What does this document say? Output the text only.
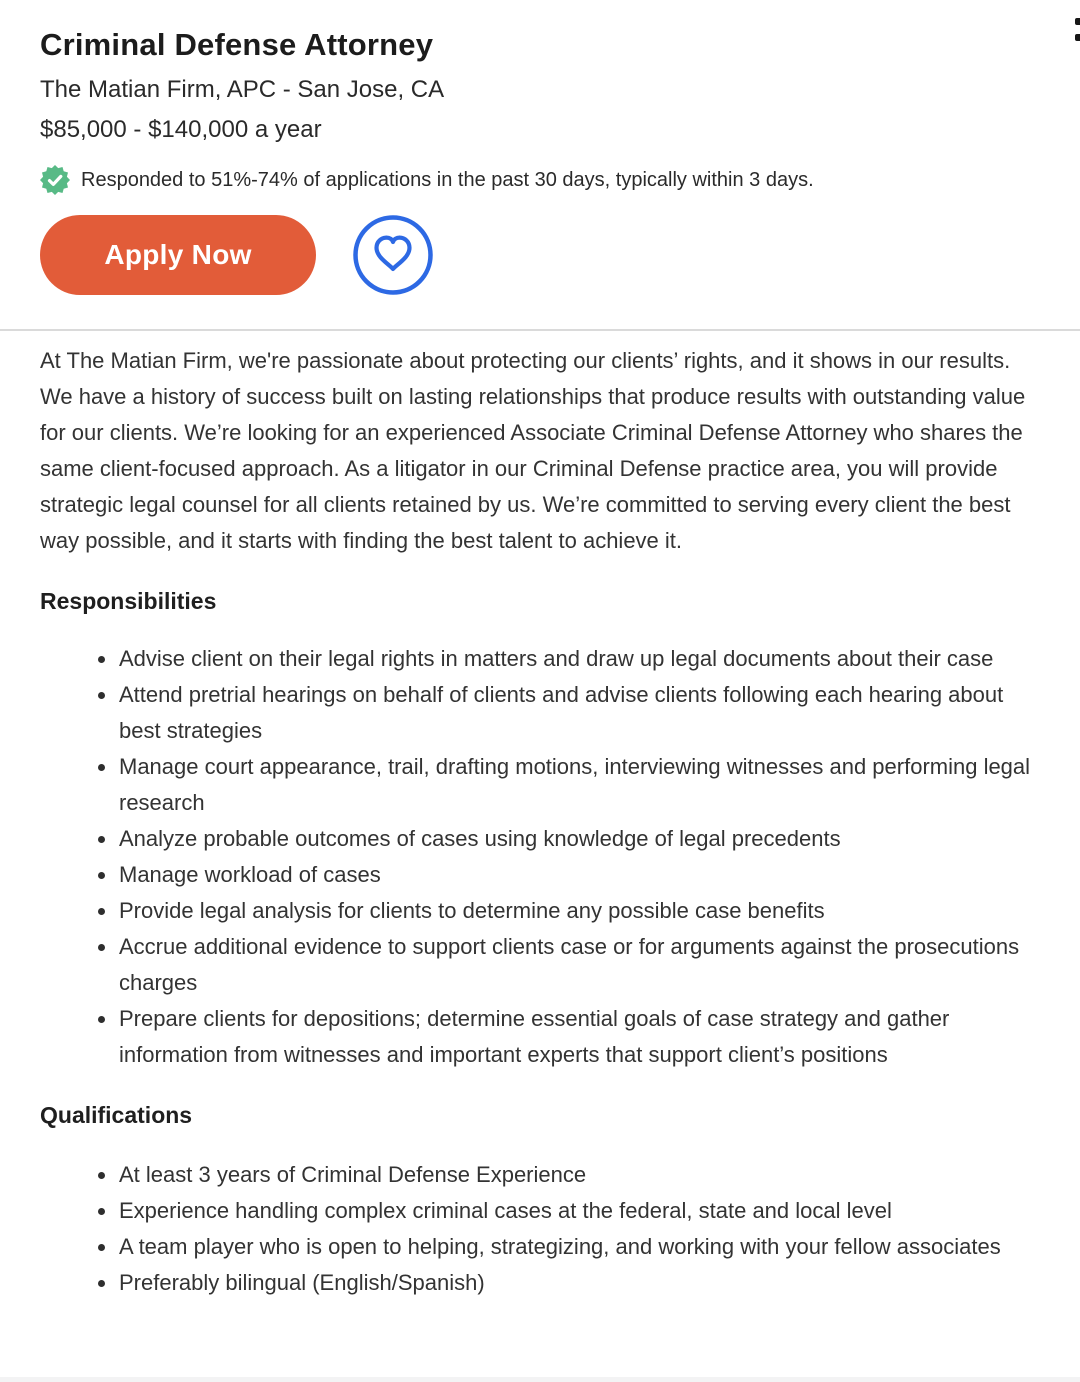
Criminal Defense Attorney
The Matian Firm, APC - San Jose, CA
$85,000 - $140,000 a year
Responded to 51%-74% of applications in the past 30 days, typically within 3 days.
Apply Now

At The Matian Firm, we're passionate about protecting our clients’ rights, and it shows in our results. We have a history of success built on lasting relationships that produce results with outstanding value for our clients. We’re looking for an experienced Associate Criminal Defense Attorney who shares the same client-focused approach. As a litigator in our Criminal Defense practice area, you will provide strategic legal counsel for all clients retained by us. We’re committed to serving every client the best way possible, and it starts with finding the best talent to achieve it.

Responsibilities
Advise client on their legal rights in matters and draw up legal documents about their case
Attend pretrial hearings on behalf of clients and advise clients following each hearing about best strategies
Manage court appearance, trail, drafting motions, interviewing witnesses and performing legal research
Analyze probable outcomes of cases using knowledge of legal precedents
Manage workload of cases
Provide legal analysis for clients to determine any possible case benefits
Accrue additional evidence to support clients case or for arguments against the prosecutions charges
Prepare clients for depositions; determine essential goals of case strategy and gather information from witnesses and important experts that support client’s positions
Qualifications
At least 3 years of Criminal Defense Experience
Experience handling complex criminal cases at the federal, state and local level
A team player who is open to helping, strategizing, and working with your fellow associates
Preferably bilingual (English/Spanish)
